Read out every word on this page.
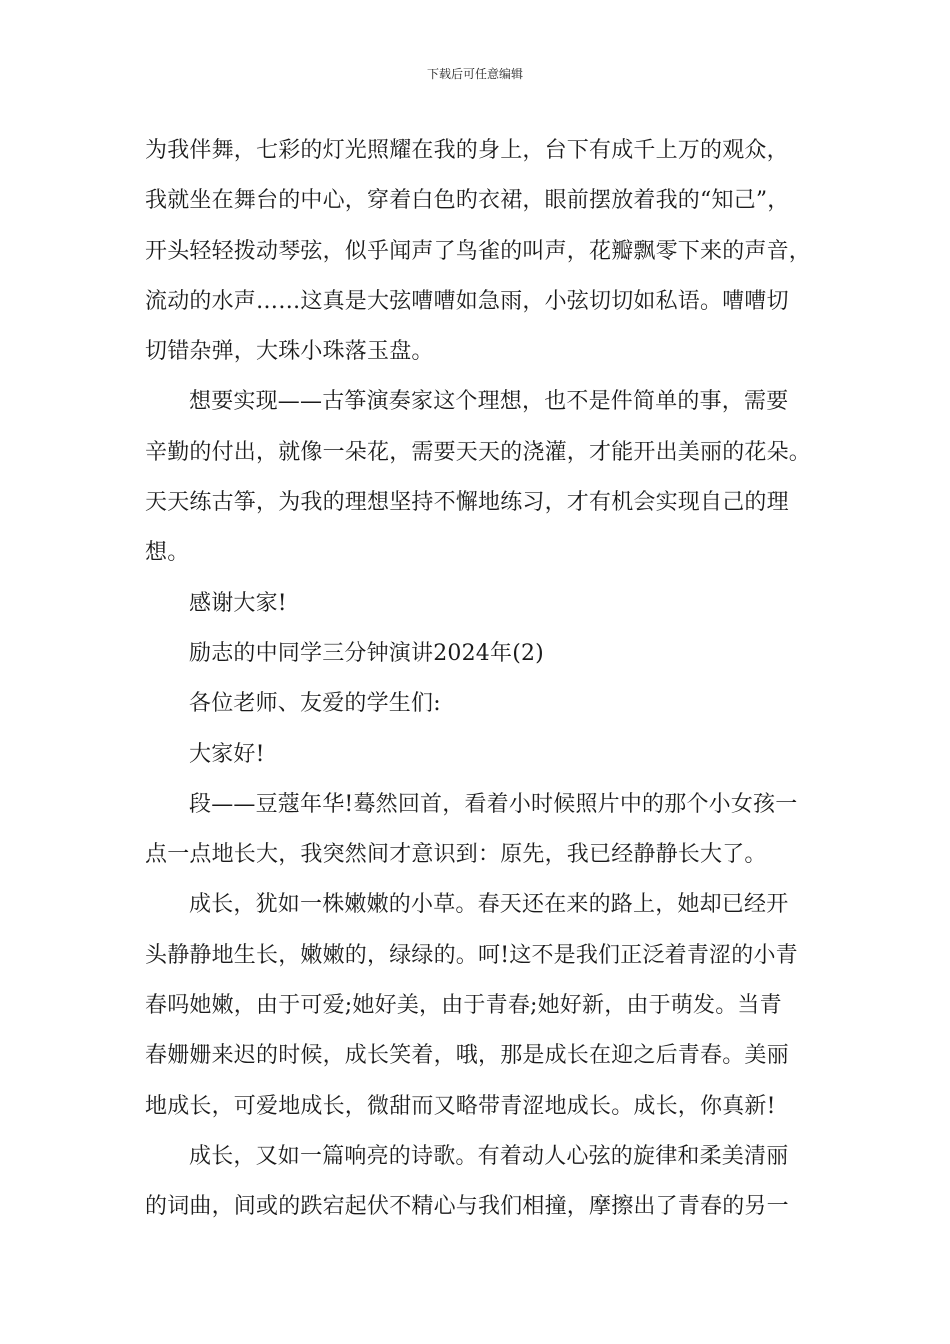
下载后可任意编辑
为我伴舞，七彩的灯光照耀在我的身上，台下有成千上万的观众，
我就坐在舞台的中心，穿着白色旳衣裙，眼前摆放着我的“知己”，
开头轻轻拨动琴弦，似乎闻声了鸟雀的叫声，花瓣飘零下来的声音，
流动的水声……这真是大弦嘈嘈如急雨，小弦切切如私语。嘈嘈切
切错杂弹，大珠小珠落玉盘。
想要实现——古筝演奏家这个理想，也不是件简单的事，需要
辛勤的付出，就像一朵花，需要天天的浇灌，才能开出美丽的花朵。
天天练古筝，为我的理想坚持不懈地练习，才有机会实现自己的理
想。
感谢大家!
励志的中同学三分钟演讲2024年(2)
各位老师、友爱的学生们:
大家好!
段——豆蔻年华!蓦然回首，看着小时候照片中的那个小女孩一
点一点地长大，我突然间才意识到：原先，我已经静静长大了。
成长，犹如一株嫩嫩的小草。春天还在来的路上，她却已经开
头静静地生长，嫩嫩的，绿绿的。呵!这不是我们正泛着青涩的小青
春吗她嫩，由于可爱;她好美，由于青春;她好新，由于萌发。当青
春姗姗来迟的时候，成长笑着，哦，那是成长在迎之后青春。美丽
地成长，可爱地成长，微甜而又略带青涩地成长。成长，你真新!
成长，又如一篇响亮的诗歌。有着动人心弦的旋律和柔美清丽
的词曲，间或的跌宕起伏不精心与我们相撞，摩擦出了青春的另一
